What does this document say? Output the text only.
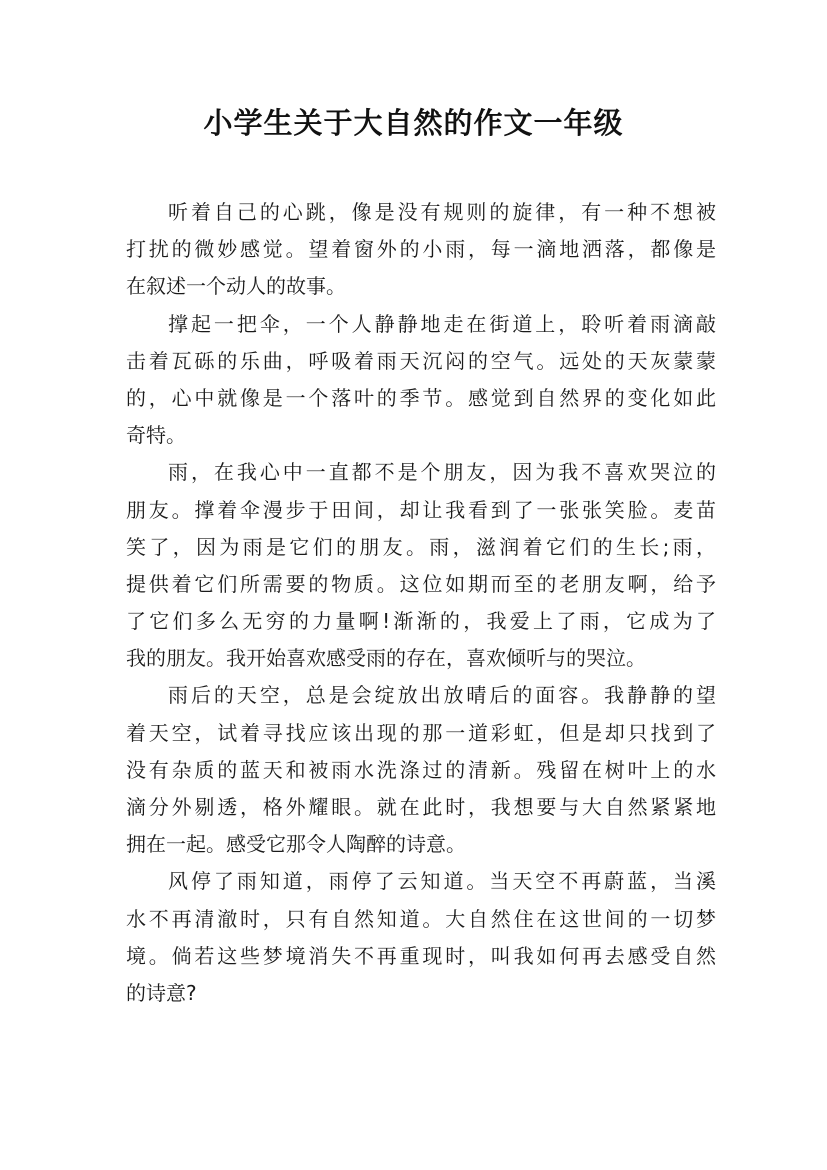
小学生关于大自然的作文一年级
听着自己的心跳，像是没有规则的旋律，有一种不想被
打扰的微妙感觉。望着窗外的小雨，每一滴地洒落，都像是
在叙述一个动人的故事。
撑起一把伞，一个人静静地走在街道上，聆听着雨滴敲
击着瓦砾的乐曲，呼吸着雨天沉闷的空气。远处的天灰蒙蒙
的，心中就像是一个落叶的季节。感觉到自然界的变化如此
奇特。
雨，在我心中一直都不是个朋友，因为我不喜欢哭泣的
朋友。撑着伞漫步于田间，却让我看到了一张张笑脸。麦苗
笑了，因为雨是它们的朋友。雨，滋润着它们的生长;雨，
提供着它们所需要的物质。这位如期而至的老朋友啊，给予
了它们多么无穷的力量啊!渐渐的，我爱上了雨，它成为了
我的朋友。我开始喜欢感受雨的存在，喜欢倾听与的哭泣。
雨后的天空，总是会绽放出放晴后的面容。我静静的望
着天空，试着寻找应该出现的那一道彩虹，但是却只找到了
没有杂质的蓝天和被雨水洗涤过的清新。残留在树叶上的水
滴分外剔透，格外耀眼。就在此时，我想要与大自然紧紧地
拥在一起。感受它那令人陶醉的诗意。
风停了雨知道，雨停了云知道。当天空不再蔚蓝，当溪
水不再清澈时，只有自然知道。大自然住在这世间的一切梦
境。倘若这些梦境消失不再重现时，叫我如何再去感受自然
的诗意?
